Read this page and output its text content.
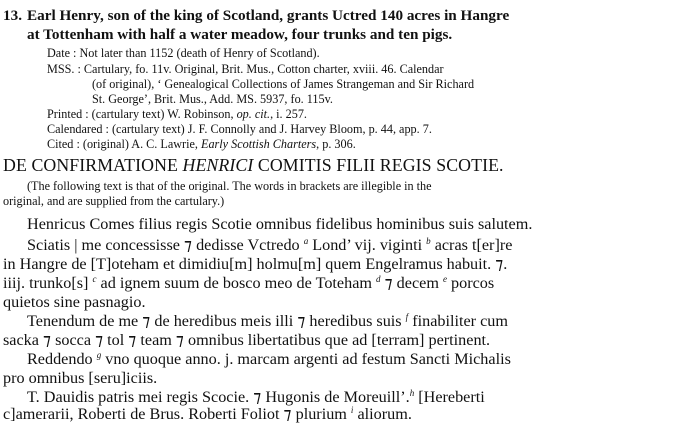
13. Earl Henry, son of the king of Scotland, grants Uctred 140 acres in Hangre
at Tottenham with half a water meadow, four trunks and ten pigs.
Date : Not later than 1152 (death of Henry of Scotland).
MSS. : Cartulary, fo. 11v. Original, Brit. Mus., Cotton charter, xviii. 46. Calendar
(of original), ‘ Genealogical Collections of James Strangeman and Sir Richard
St. George’, Brit. Mus., Add. MS. 5937, fo. 115v.
Printed : (cartulary text) W. Robinson, op. cit., i. 257.
Calendared : (cartulary text) J. F. Connolly and J. Harvey Bloom, p. 44, app. 7.
Cited : (original) A. C. Lawrie, Early Scottish Charters, p. 306.
DE CONFIRMATIONE HENRICI COMITIS FILII REGIS SCOTIE.
(The following text is that of the original. The words in brackets are illegible in the
original, and are supplied from the cartulary.)
Henricus Comes filius regis Scotie omnibus fidelibus hominibus suis salutem.
Sciatis | me concessisse ⁊ dedisse Vctredo $^a$ Lond’ vij. viginti $^b$ acras t[er]re
in Hangre de [T]oteham et dimidiu[m] holmu[m] quem Engelramus habuit. ⁊.
iiij. trunko[s] $^c$ ad ignem suum de bosco meo de Toteham $^d$ ⁊ decem $^e$ porcos
quietos sine pasnagio.
Tenendum de me ⁊ de heredibus meis illi ⁊ heredibus suis $^f$ finabiliter cum
sacka ⁊ socca ⁊ tol ⁊ team ⁊ omnibus libertatibus que ad [terram] pertinent.
Reddendo $^g$ vno quoque anno. j. marcam argenti ad festum Sancti Michalis
pro omnibus [seru]iciis.
T. Dauidis patris mei regis Scocie. ⁊ Hugonis de Moreuill’.$^h$ [Hereberti
c]amerarii, Roberti de Brus. Roberti Foliot ⁊ plurium $^i$ aliorum.
